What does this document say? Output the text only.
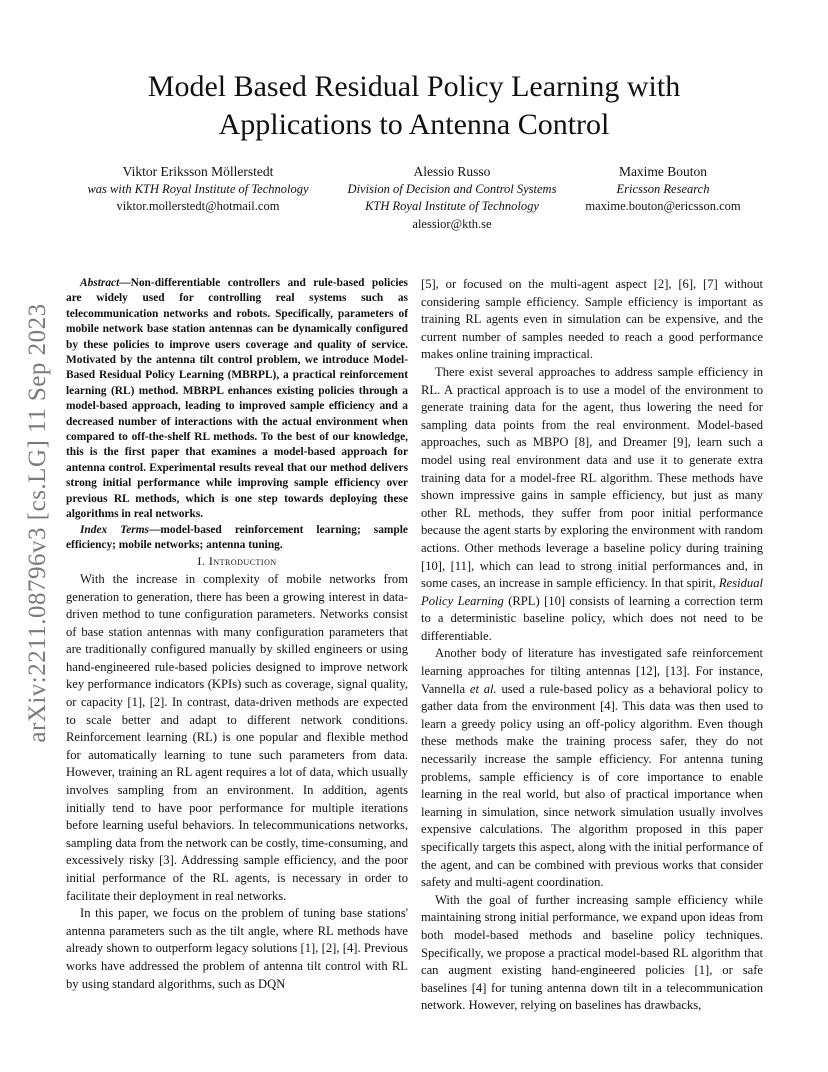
arXiv:2211.08796v3 [cs.LG] 11 Sep 2023
Model Based Residual Policy Learning with
Applications to Antenna Control
Viktor Eriksson Möllerstedt
was with KTH Royal Institute of Technology
viktor.mollerstedt@hotmail.com
Alessio Russo
Division of Decision and Control Systems
KTH Royal Institute of Technology
alessior@kth.se
Maxime Bouton
Ericsson Research
maxime.bouton@ericsson.com

Abstract—Non-differentiable controllers and rule-based policies are widely used for controlling real systems such as telecommunication networks and robots. Specifically, parameters of mobile network base station antennas can be dynamically configured by these policies to improve users coverage and quality of service. Motivated by the antenna tilt control problem, we introduce Model-Based Residual Policy Learning (MBRPL), a practical reinforcement learning (RL) method. MBRPL enhances existing policies through a model-based approach, leading to improved sample efficiency and a decreased number of interactions with the actual environment when compared to off-the-shelf RL methods. To the best of our knowledge, this is the first paper that examines a model-based approach for antenna control. Experimental results reveal that our method delivers strong initial performance while improving sample efficiency over previous RL methods, which is one step towards deploying these algorithms in real networks.

Index Terms—model-based reinforcement learning; sample efficiency; mobile networks; antenna tuning.

I. Introduction

With the increase in complexity of mobile networks from generation to generation, there has been a growing interest in data-driven method to tune configuration parameters. Networks consist of base station antennas with many configuration parameters that are traditionally configured manually by skilled engineers or using hand-engineered rule-based policies designed to improve network key performance indicators (KPIs) such as coverage, signal quality, or capacity [1], [2]. In contrast, data-driven methods are expected to scale better and adapt to different network conditions. Reinforcement learning (RL) is one popular and flexible method for automatically learning to tune such parameters from data. However, training an RL agent requires a lot of data, which usually involves sampling from an environment. In addition, agents initially tend to have poor performance for multiple iterations before learning useful behaviors. In telecommunications networks, sampling data from the network can be costly, time-consuming, and excessively risky [3]. Addressing sample efficiency, and the poor initial performance of the RL agents, is necessary in order to facilitate their deployment in real networks.

In this paper, we focus on the problem of tuning base stations' antenna parameters such as the tilt angle, where RL methods have already shown to outperform legacy solutions [1], [2], [4]. Previous works have addressed the problem of antenna tilt control with RL by using standard algorithms, such as DQN

[5], or focused on the multi-agent aspect [2], [6], [7] without considering sample efficiency. Sample efficiency is important as training RL agents even in simulation can be expensive, and the current number of samples needed to reach a good performance makes online training impractical.

There exist several approaches to address sample efficiency in RL. A practical approach is to use a model of the environment to generate training data for the agent, thus lowering the need for sampling data points from the real environment. Model-based approaches, such as MBPO [8], and Dreamer [9], learn such a model using real environment data and use it to generate extra training data for a model-free RL algorithm. These methods have shown impressive gains in sample efficiency, but just as many other RL methods, they suffer from poor initial performance because the agent starts by exploring the environment with random actions. Other methods leverage a baseline policy during training [10], [11], which can lead to strong initial performances and, in some cases, an increase in sample efficiency. In that spirit, Residual Policy Learning (RPL) [10] consists of learning a correction term to a deterministic baseline policy, which does not need to be differentiable.

Another body of literature has investigated safe reinforcement learning approaches for tilting antennas [12], [13]. For instance, Vannella et al. used a rule-based policy as a behavioral policy to gather data from the environment [4]. This data was then used to learn a greedy policy using an off-policy algorithm. Even though these methods make the training process safer, they do not necessarily increase the sample efficiency. For antenna tuning problems, sample efficiency is of core importance to enable learning in the real world, but also of practical importance when learning in simulation, since network simulation usually involves expensive calculations. The algorithm proposed in this paper specifically targets this aspect, along with the initial performance of the agent, and can be combined with previous works that consider safety and multi-agent coordination.

With the goal of further increasing sample efficiency while maintaining strong initial performance, we expand upon ideas from both model-based methods and baseline policy techniques. Specifically, we propose a practical model-based RL algorithm that can augment existing hand-engineered policies [1], or safe baselines [4] for tuning antenna down tilt in a telecommunication network. However, relying on baselines has drawbacks,
